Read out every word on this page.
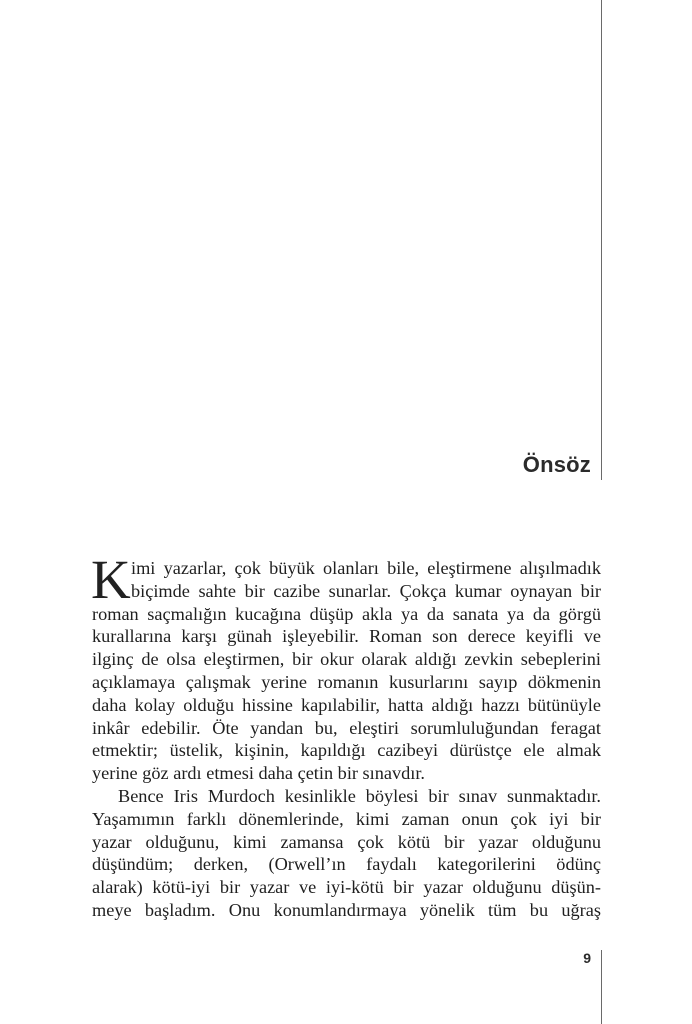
Önsöz
K imi yazarlar, çok büyük olanları bile, eleştirmene alışılmadık
biçimde sahte bir cazibe sunarlar. Çokça kumar oynayan bir
roman saçmalığın kucağına düşüp akla ya da sanata ya da görgü
kurallarına karşı günah işleyebilir. Roman son derece keyifli ve
ilginç de olsa eleştirmen, bir okur olarak aldığı zevkin sebeplerini
açıklamaya çalışmak yerine romanın kusurlarını sayıp dökmenin
daha kolay olduğu hissine kapılabilir, hatta aldığı hazzı bütünüyle
inkâr edebilir. Öte yandan bu, eleştiri sorumluluğundan feragat
etmektir; üstelik, kişinin, kapıldığı cazibeyi dürüstçe ele almak
yerine göz ardı etmesi daha çetin bir sınavdır.
Bence Iris Murdoch kesinlikle böylesi bir sınav sunmaktadır.
Yaşamımın farklı dönemlerinde, kimi zaman onun çok iyi bir
yazar olduğunu, kimi zamansa çok kötü bir yazar olduğunu
düşündüm; derken, (Orwell’ın faydalı kategorilerini ödünç
alarak) kötü-iyi bir yazar ve iyi-kötü bir yazar olduğunu düşün-
meye başladım. Onu konumlandırmaya yönelik tüm bu uğraş
9
